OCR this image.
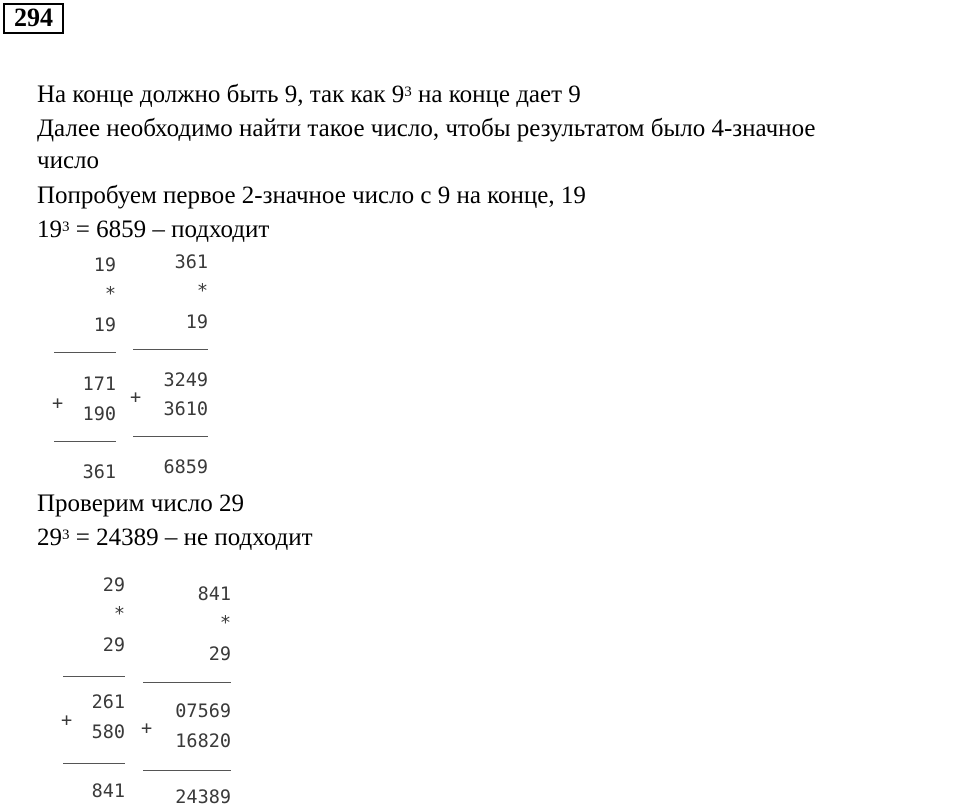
294
На конце должно быть 9, так как $9^3$ на конце дает 9
Далее необходимо найти такое число, чтобы результатом было 4-значное
число
Попробуем первое 2-значное число с 9 на конце, 19
$19^3 = 6859$ – подходит
19
*
19
171
+
190
361
361
*
19
3249
+
3610
6859
Проверим число 29
$29^3 = 24389$ – не подходит
29
*
29
261
+
580
841
841
*
29
07569
+
16820
24389
